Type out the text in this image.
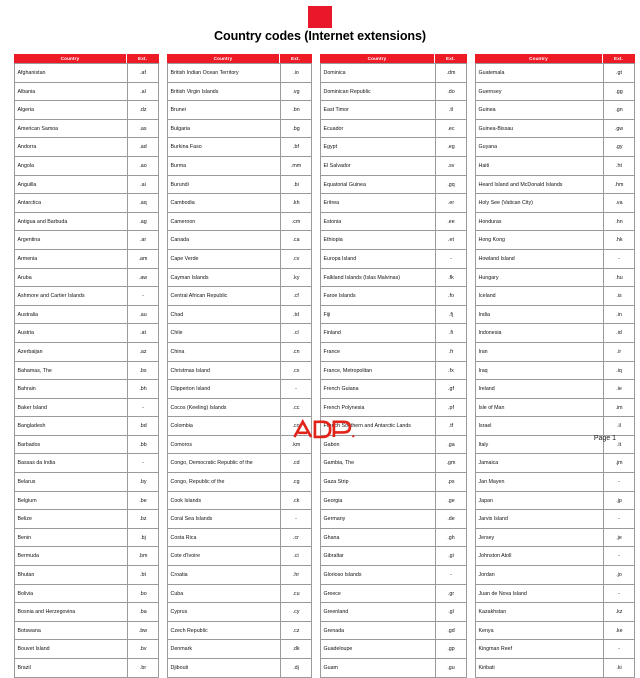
Country codes (Internet extensions)
Country	Ext.
Afghanistan	.af
Albania	.al
Algeria	.dz
American Samoa	.as
Andorra	.ad
Angola	.ao
Anguilla	.ai
Antarctica	.aq
Antigua and Barbuda	.ag
Argentina	.ar
Armenia	.am
Aruba	.aw
Ashmore and Cartier Islands	-
Australia	.au
Austria	.at
Azerbaijan	.az
Bahamas, The	.bs
Bahrain	.bh
Baker Island	-
Bangladesh	.bd
Barbados	.bb
Bassas da India	-
Belarus	.by
Belgium	.be
Belize	.bz
Benin	.bj
Bermuda	.bm
Bhutan	.bt
Bolivia	.bo
Bosnia and Herzegovina	.ba
Botswana	.bw
Bouvet Island	.bv
Brazil	.br
Country	Ext.
British Indian Ocean Territory	.io
British Virgin Islands	.vg
Brunei	.bn
Bulgaria	.bg
Burkina Faso	.bf
Burma	.mm
Burundi	.bi
Cambodia	.kh
Cameroon	.cm
Canada	.ca
Cape Verde	.cv
Cayman Islands	.ky
Central African Republic	.cf
Chad	.td
Chile	.cl
China	.cn
Christmas Island	.cx
Clipperton Island	-
Cocos (Keeling) Islands	.cc
Colombia	.co
Comoros	.km
Congo, Democratic Republic of the	.cd
Congo, Republic of the	.cg
Cook Islands	.ck
Coral Sea Islands	-
Costa Rica	.cr
Cote d'Ivoire	.ci
Croatia	.hr
Cuba	.cu
Cyprus	.cy
Czech Republic	.cz
Denmark	.dk
Djibouti	.dj
Country	Ext.
Dominica	.dm
Dominican Republic	.do
East Timor	.tl
Ecuador	.ec
Egypt	.eg
El Salvador	.sv
Equatorial Guinea	.gq
Eritrea	.er
Estonia	.ee
Ethiopia	.et
Europa Island	-
Falkland Islands (Islas Malvinas)	.fk
Faroe Islands	.fo
Fiji	.fj
Finland	.fi
France	.fr
France, Metropolitan	.fx
French Guiana	.gf
French Polynesia	.pf
French Southern and Antarctic Lands	.tf
Gabon	.ga
Gambia, The	.gm
Gaza Strip	.ps
Georgia	.ge
Germany	.de
Ghana	.gh
Gibraltar	.gi
Glorioso Islands	-
Greece	.gr
Greenland	.gl
Grenada	.gd
Guadeloupe	.gp
Guam	.gu
Country	Ext.
Guatemala	.gt
Guernsey	.gg
Guinea	.gn
Guinea-Bissau	.gw
Guyana	.gy
Haiti	.ht
Heard Island and McDonald Islands	.hm
Holy See (Vatican City)	.va
Honduras	.hn
Hong Kong	.hk
Howland Island	-
Hungary	.hu
Iceland	.is
India	.in
Indonesia	.id
Iran	.ir
Iraq	.iq
Ireland	.ie
Isle of Man	.im
Israel	.il
Italy	.it
Jamaica	.jm
Jan Mayen	-
Japan	.jp
Jarvis Island	-
Jersey	.je
Johnston Atoll	-
Jordan	.jo
Juan de Nova Island	-
Kazakhstan	.kz
Kenya	.ke
Kingman Reef	-
Kiribati	.ki
Page 1
